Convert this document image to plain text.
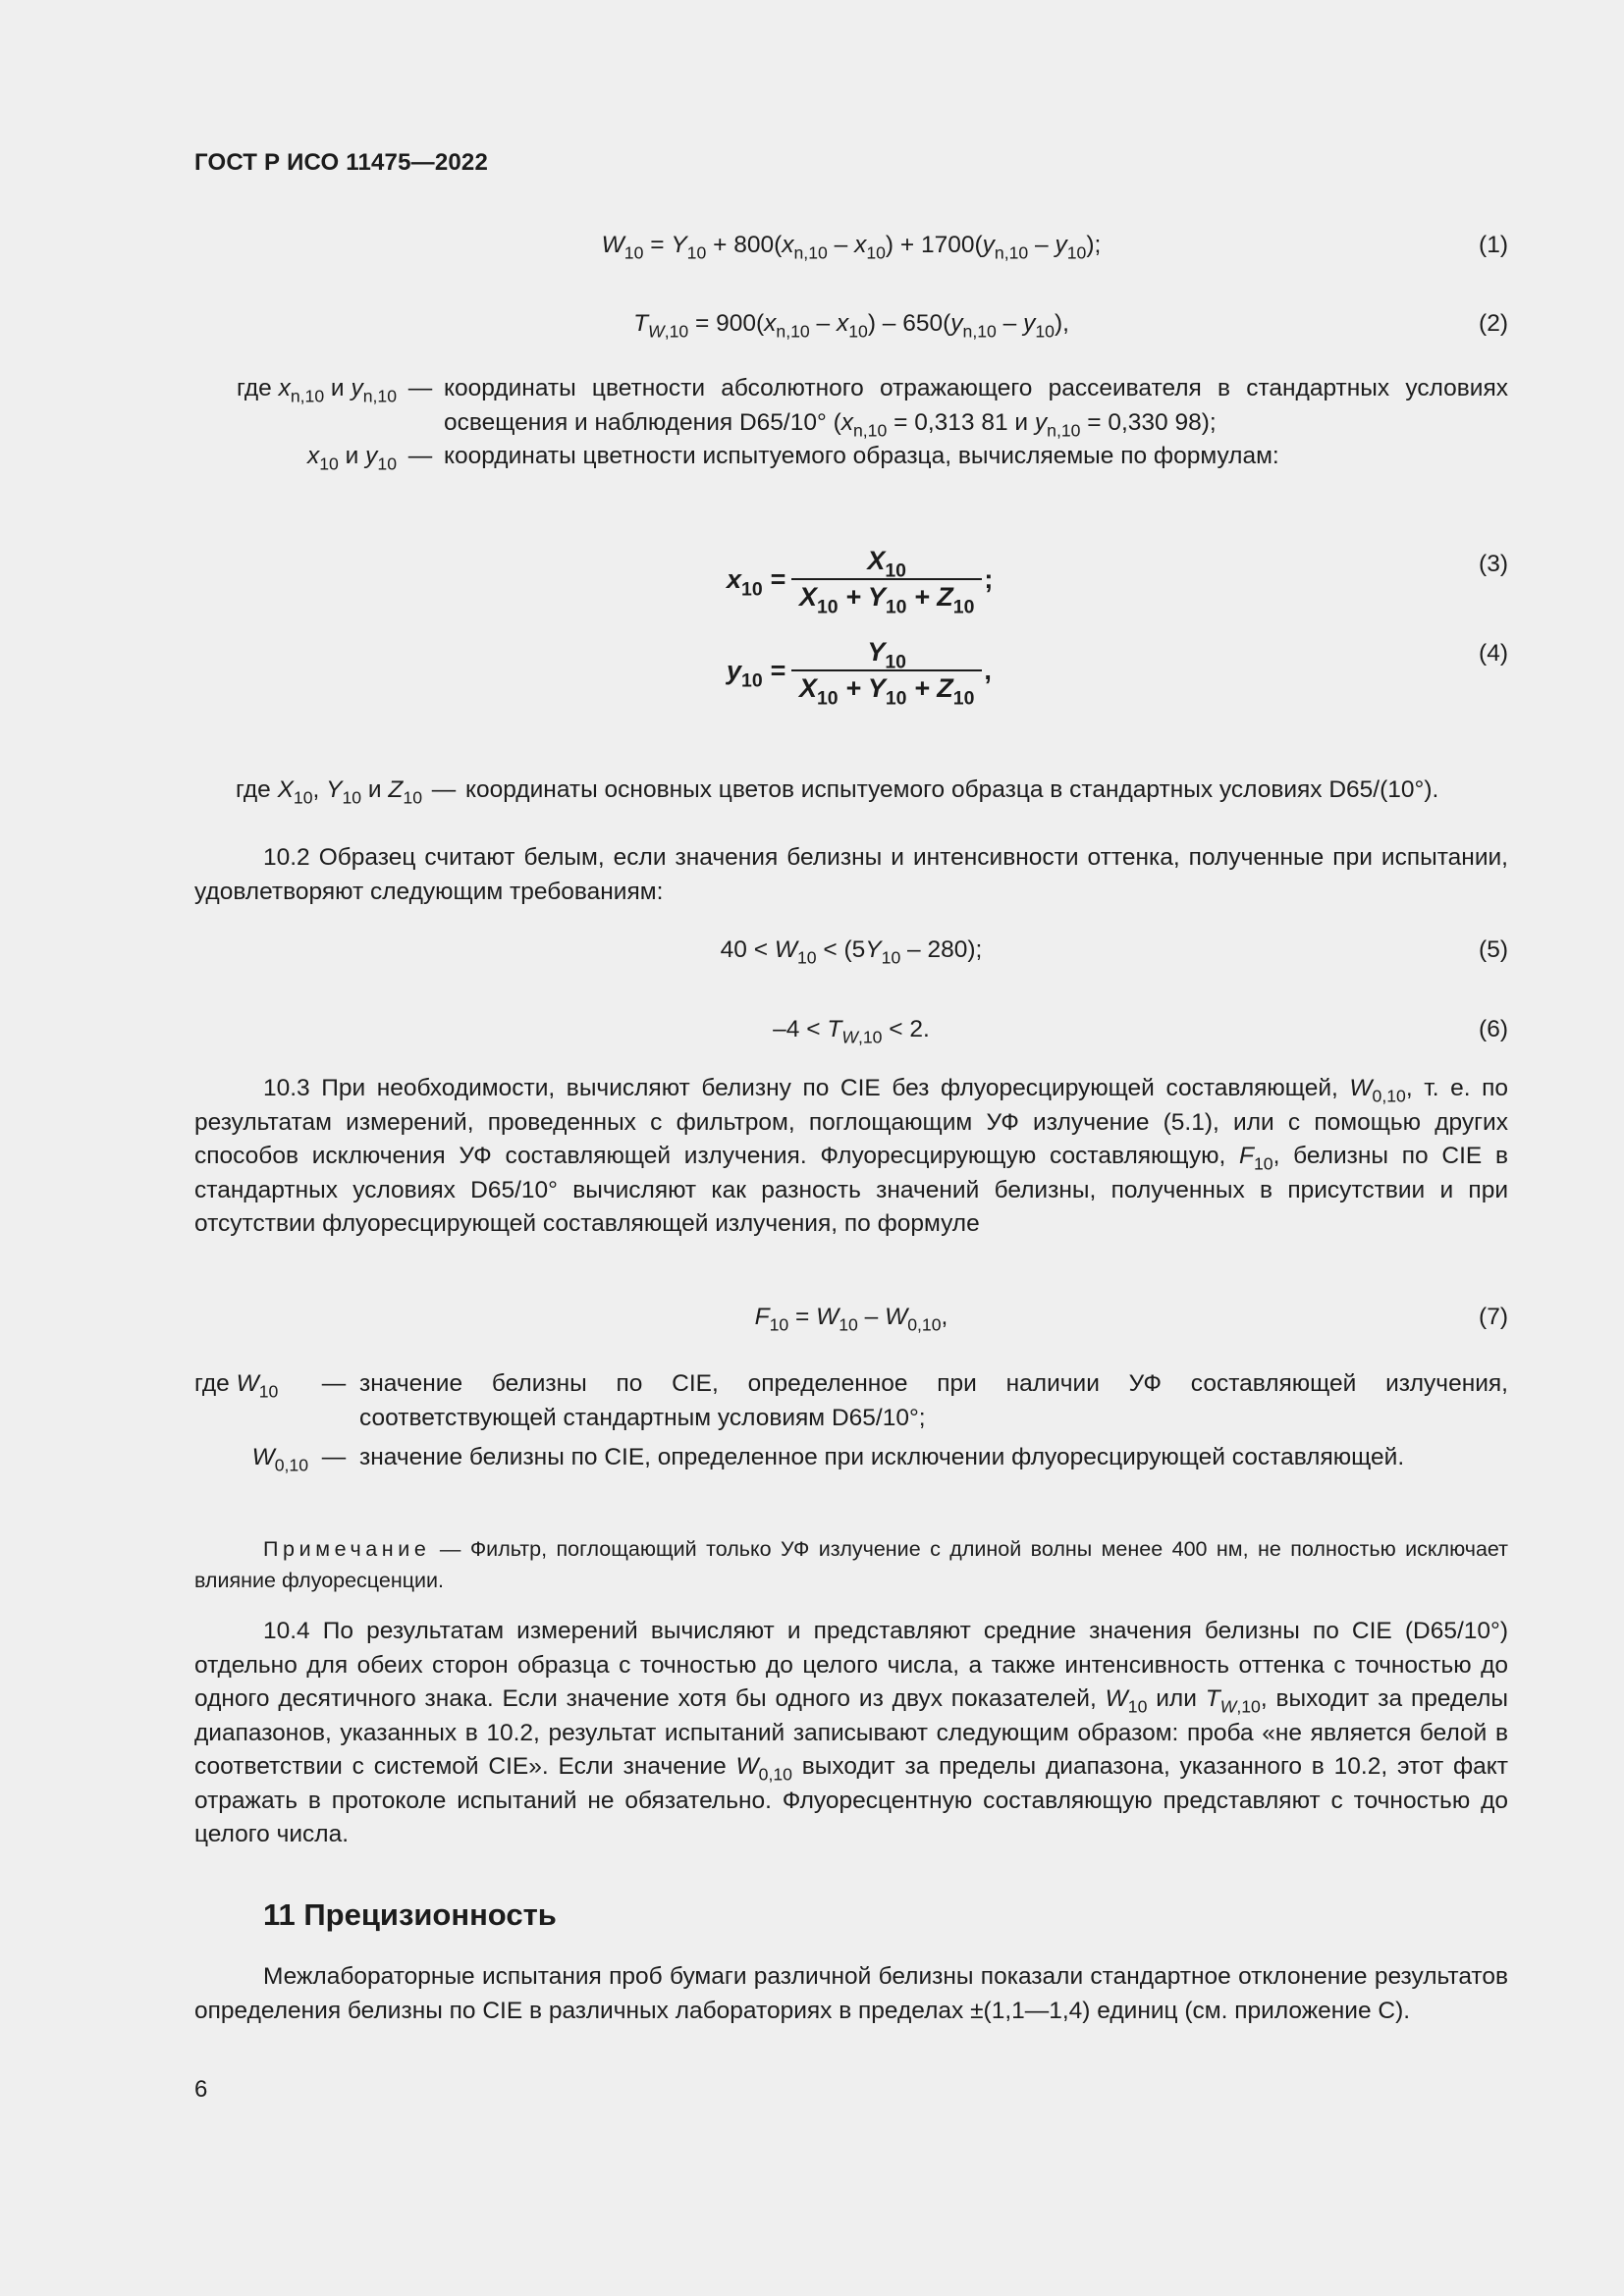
ГОСТ Р ИСО 11475—2022
$W_{10} = Y_{10} + 800(x_{n,10} - x_{10}) + 1700(y_{n,10} - y_{10})$;	(1)
$T_{W,10} = 900(x_{n,10} - x_{10}) - 650(y_{n,10} - y_{10})$,	(2)
где $x_{n,10}$ и $y_{n,10}$ — координаты цветности абсолютного отражающего рассеивателя в стандартных условиях освещения и наблюдения D65/10° ($x_{n,10} = 0,313$ 81 и $y_{n,10} = 0,330$ 98);
$x_{10}$ и $y_{10}$ — координаты цветности испытуемого образца, вычисляемые по формулам:
$x_{10} = \frac{X_{10}}{X_{10} + Y_{10} + Z_{10}}$ ;	(3)
$y_{10} = \frac{Y_{10}}{X_{10} + Y_{10} + Z_{10}}$ ,
(4)
где $X_{10}$, $Y_{10}$ и $Z_{10}$ — координаты основных цветов испытуемого образца в стандартных условиях D65/(10°).

10.2 Образец считают белым, если значения белизны и интенсивности оттенка, полученные при испытании, удовлетворяют следующим требованиям:

$40 < W_{10} < (5Y_{10} - 280)$;	(5)
$-4 < T_{W,10} < 2$.	(6)

10.3 При необходимости, вычисляют белизну по CIE без флуоресцирующей составляющей, $W_{0,10}$, т. е. по результатам измерений, проведенных с фильтром, поглощающим УФ излучение (5.1), или с помощью других способов исключения УФ составляющей излучения. Флуоресцирующую составляющую, $F_{10}$, белизны по CIE в стандартных условиях D65/10° вычисляют как разность значений белизны, полученных в присутствии и при отсутствии флуоресцирующей составляющей излучения, по формуле

$F_{10} = W_{10} - W_{0,10}$,	(7)
где $W_{10}$	— значение белизны по CIE, определенное при наличии УФ составляющей излучения, соответствующей стандартным условиям D65/10°;
$W_{0,10}$ — значение белизны по CIE, определенное при исключении флуоресцирующей составляющей.

Примечание — Фильтр, поглощающий только УФ излучение с длиной волны менее 400 нм, не полностью исключает влияние флуоресценции.

10.4 По результатам измерений вычисляют и представляют средние значения белизны по CIE (D65/10°) отдельно для обеих сторон образца с точностью до целого числа, а также интенсивность оттенка с точностью до одного десятичного знака. Если значение хотя бы одного из двух показателей, $W_{10}$ или $T_{W,10}$, выходит за пределы диапазонов, указанных в 10.2, результат испытаний записывают следующим образом: проба «не является белой в соответствии с системой CIE». Если значение $W_{0,10}$ выходит за пределы диапазона, указанного в 10.2, этот факт отражать в протоколе испытаний не обязательно. Флуоресцентную составляющую представляют с точностью до целого числа.

11 Прецизионность

Межлабораторные испытания проб бумаги различной белизны показали стандартное отклонение результатов определения белизны по CIE в различных лабораториях в пределах ±(1,1—1,4) единиц (см. приложение С).

6
